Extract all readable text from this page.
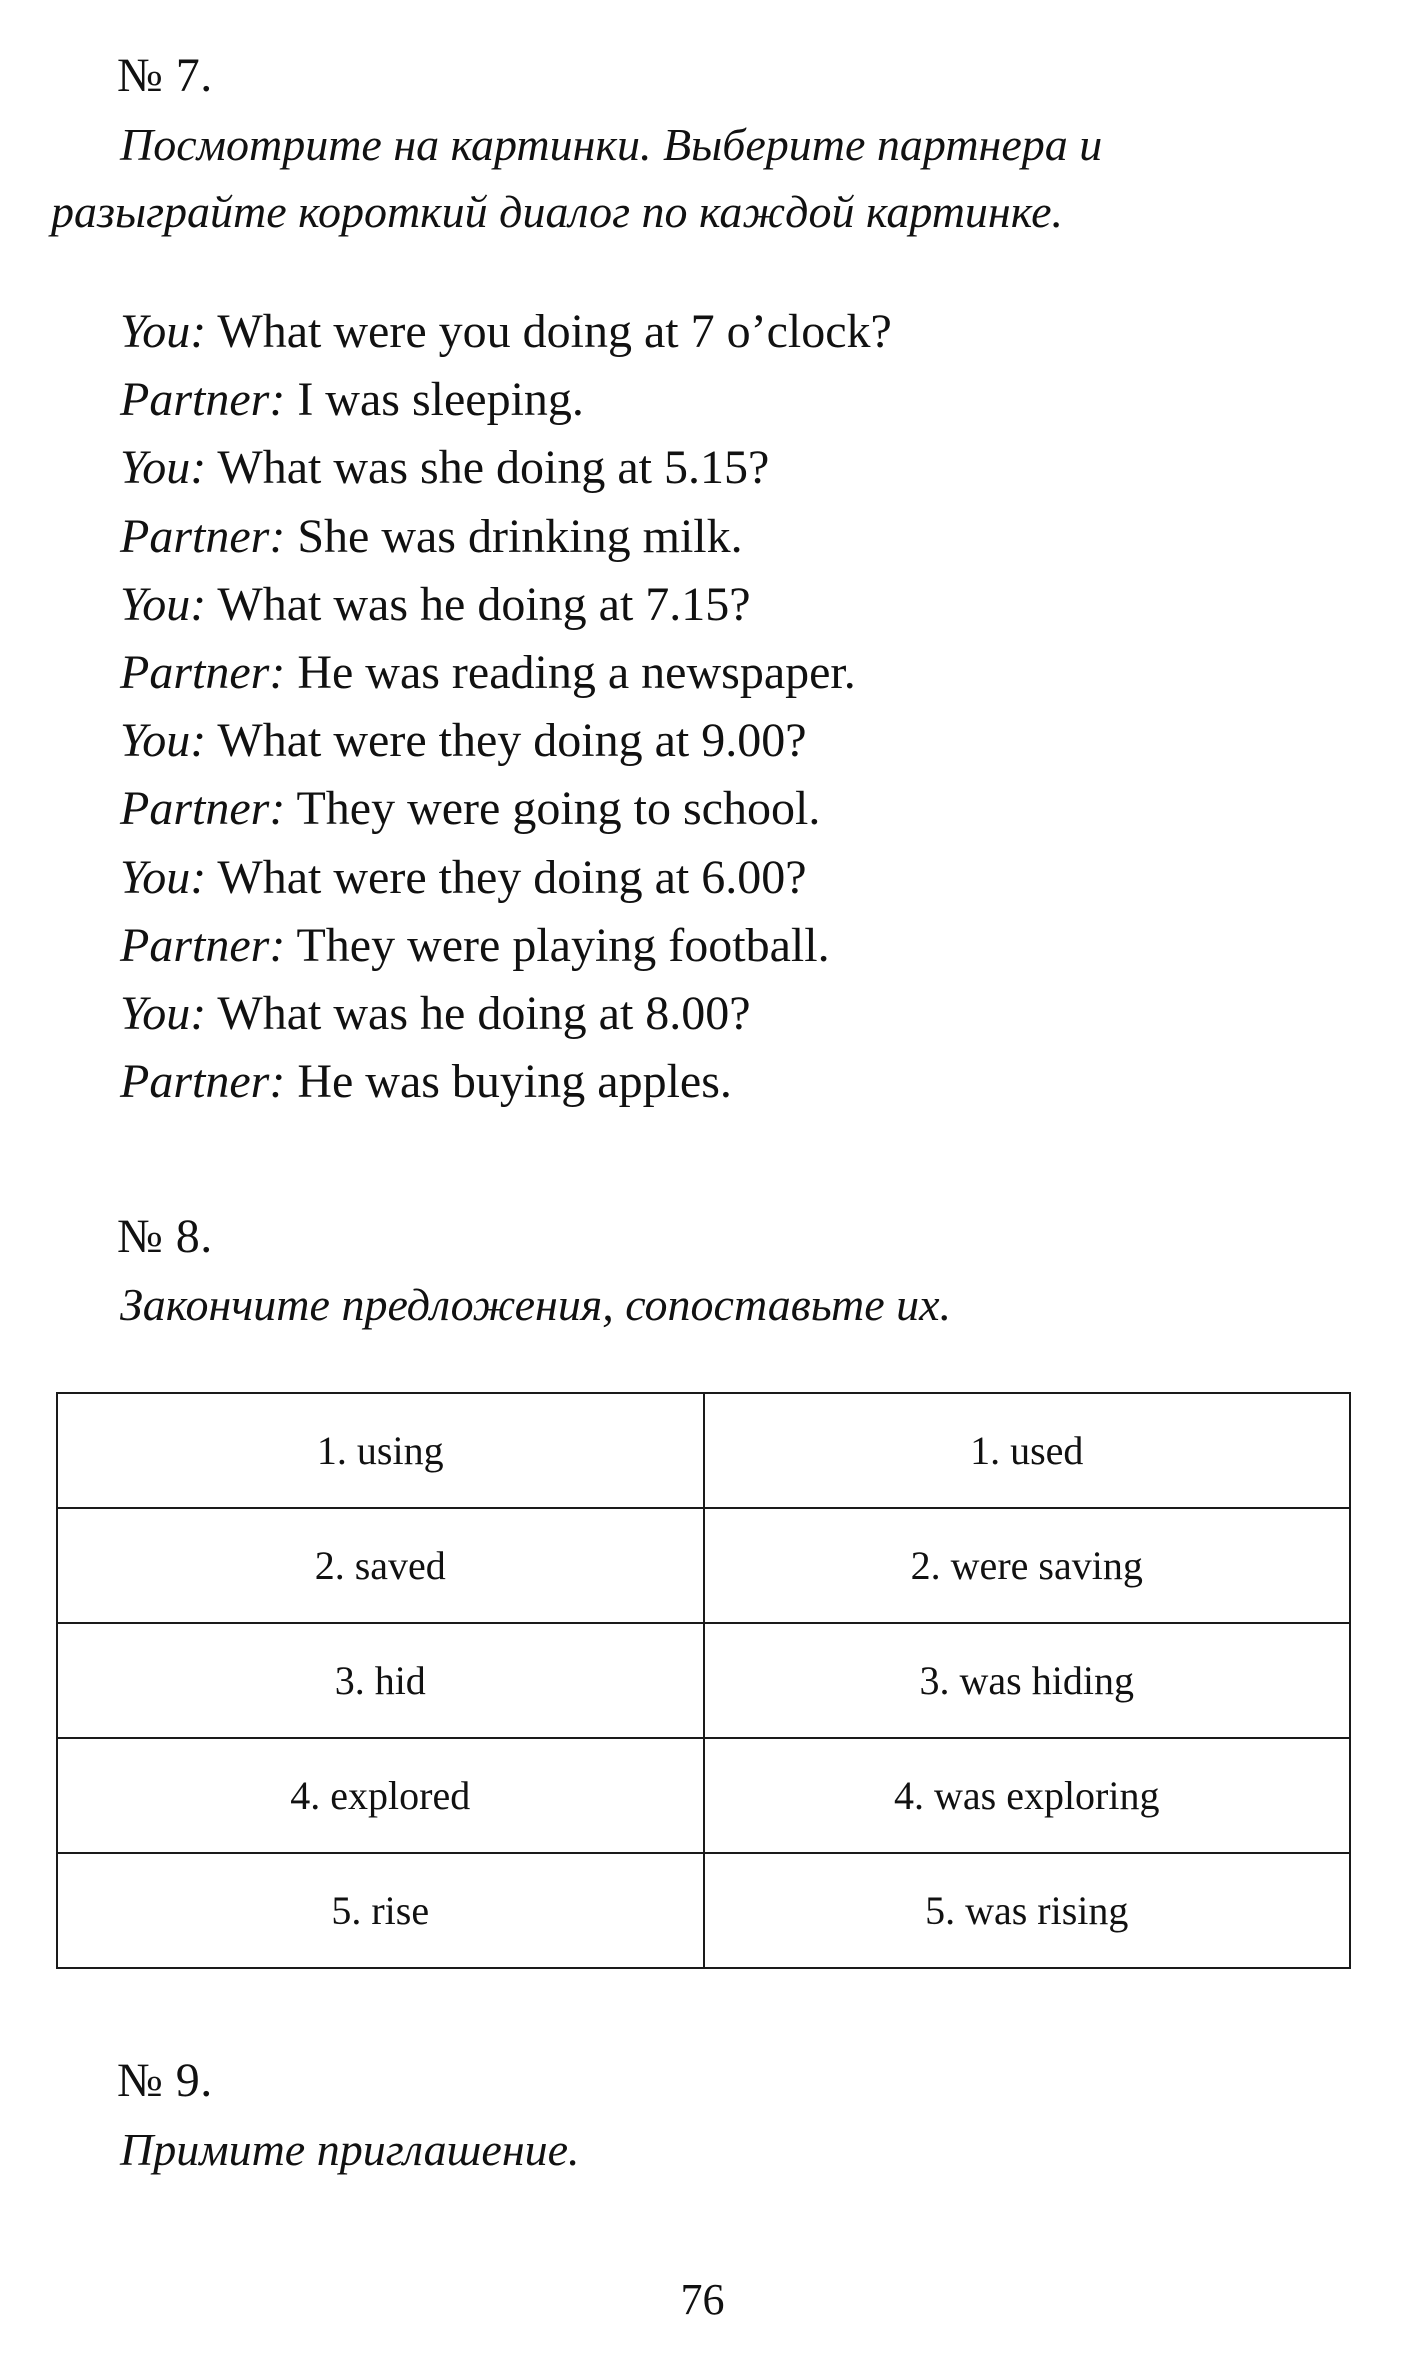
№ 7.
Посмотрите на картинки. Выберите партнера и
разыграйте короткий диалог по каждой картинке.
You: What were you doing at 7 o’clock?
Partner: I was sleeping.
You: What was she doing at 5.15?
Partner: She was drinking milk.
You: What was he doing at 7.15?
Partner: He was reading a newspaper.
You: What were they doing at 9.00?
Partner: They were going to school.
You: What were they doing at 6.00?
Partner: They were playing football.
You: What was he doing at 8.00?
Partner: He was buying apples.
№ 8.
Закончите предложения, сопоставьте их.
1. using	1. used
2. saved	2. were saving
3. hid	3. was hiding
4. explored	4. was exploring
5. rise	5. was rising
№ 9.
Примите приглашение.
76
